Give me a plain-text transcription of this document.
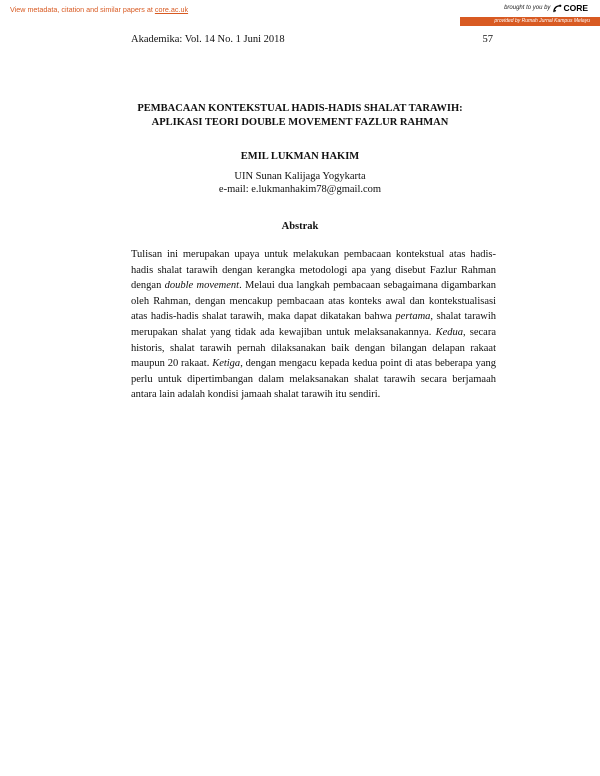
View metadata, citation and similar papers at core.ac.uk	brought to you by CORE
provided by Rumah Jurnal Kampus Melayu
Akademika: Vol. 14 No. 1 Juni 2018	57
PEMBACAAN KONTEKSTUAL HADIS-HADIS SHALAT TARAWIH:
APLIKASI TEORI DOUBLE MOVEMENT FAZLUR RAHMAN
EMIL LUKMAN HAKIM
UIN Sunan Kalijaga Yogykarta
e-mail: e.lukmanhakim78@gmail.com
Abstrak

Tulisan ini merupakan upaya untuk melakukan pembacaan kontekstual atas hadis-hadis shalat tarawih dengan kerangka metodologi apa yang disebut Fazlur Rahman dengan double movement. Melaui dua langkah pembacaan sebagaimana digambarkan oleh Rahman, dengan mencakup pembacaan atas konteks awal dan kontekstualisasi atas hadis-hadis shalat tarawih, maka dapat dikatakan bahwa pertama, shalat tarawih merupakan shalat yang tidak ada kewajiban untuk melaksanakannya. Kedua, secara historis, shalat tarawih pernah dilaksanakan baik dengan bilangan delapan rakaat maupun 20 rakaat. Ketiga, dengan mengacu kepada kedua point di atas beberapa yang perlu untuk dipertimbangan dalam melaksanakan shalat tarawih secara berjamaah antara lain adalah kondisi jamaah shalat tarawih itu sendiri.
